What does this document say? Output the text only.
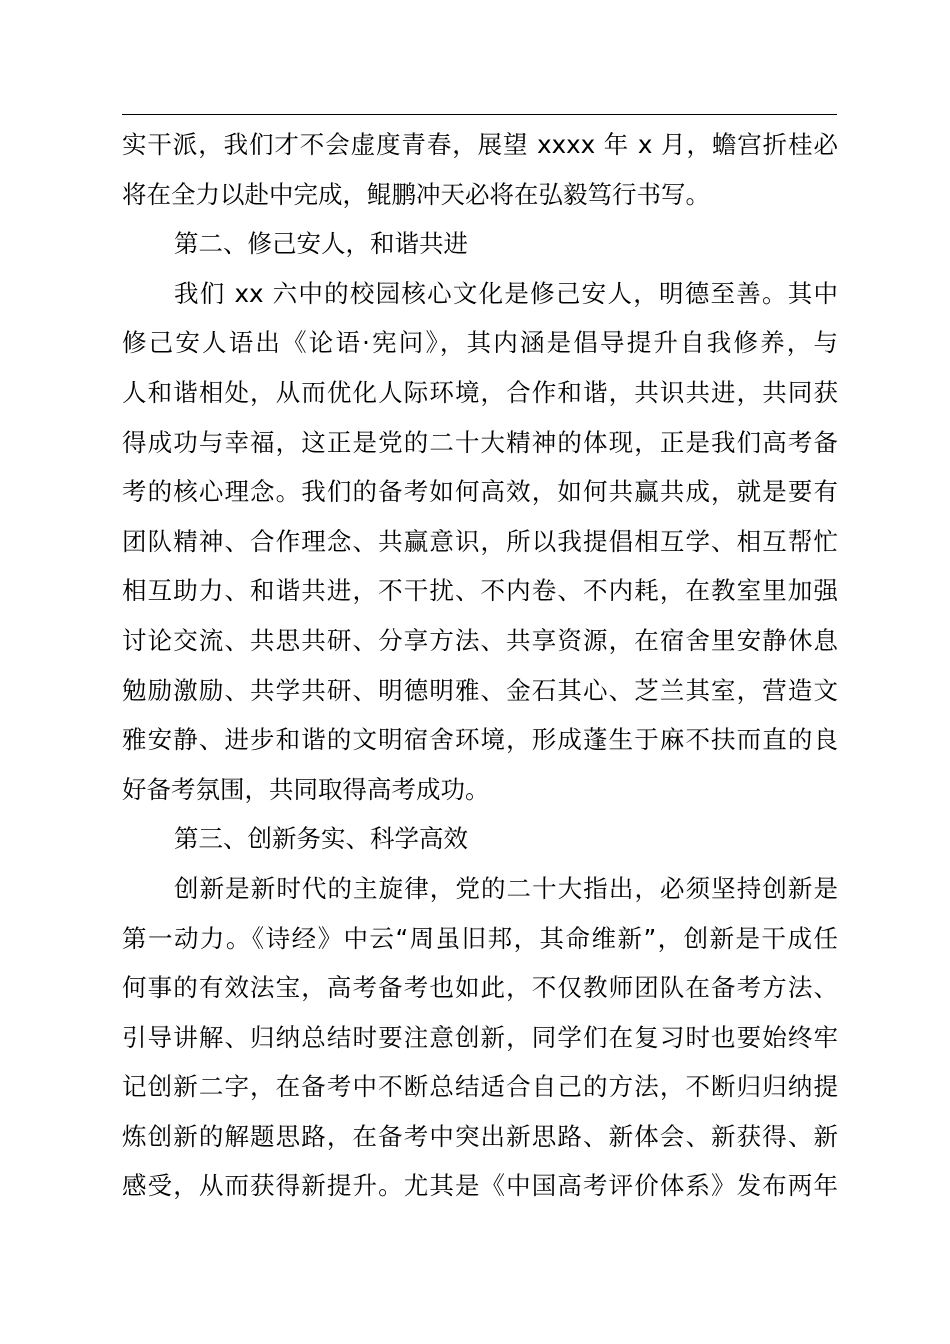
实干派，我们才不会虚度青春，展望 xxxx 年 x 月，蟾宫折桂必
将在全力以赴中完成，鲲鹏冲天必将在弘毅笃行书写。
第二、修己安人，和谐共进
我们 xx 六中的校园核心文化是修己安人，明德至善。其中
修己安人语出《论语·宪问》，其内涵是倡导提升自我修养，与
人和谐相处，从而优化人际环境，合作和谐，共识共进，共同获
得成功与幸福，这正是党的二十大精神的体现，正是我们高考备
考的核心理念。我们的备考如何高效，如何共赢共成，就是要有
团队精神、合作理念、共赢意识，所以我提倡相互学、相互帮忙
相互助力、和谐共进，不干扰、不内卷、不内耗，在教室里加强
讨论交流、共思共研、分享方法、共享资源，在宿舍里安静休息
勉励激励、共学共研、明德明雅、金石其心、芝兰其室，营造文
雅安静、进步和谐的文明宿舍环境，形成蓬生于麻不扶而直的良
好备考氛围，共同取得高考成功。
第三、创新务实、科学高效
创新是新时代的主旋律，党的二十大指出，必须坚持创新是
第一动力。《诗经》中云“周虽旧邦，其命维新”，创新是干成任
何事的有效法宝，高考备考也如此，不仅教师团队在备考方法、
引导讲解、归纳总结时要注意创新，同学们在复习时也要始终牢
记创新二字，在备考中不断总结适合自己的方法，不断归归纳提
炼创新的解题思路，在备考中突出新思路、新体会、新获得、新
感受，从而获得新提升。尤其是《中国高考评价体系》发布两年
